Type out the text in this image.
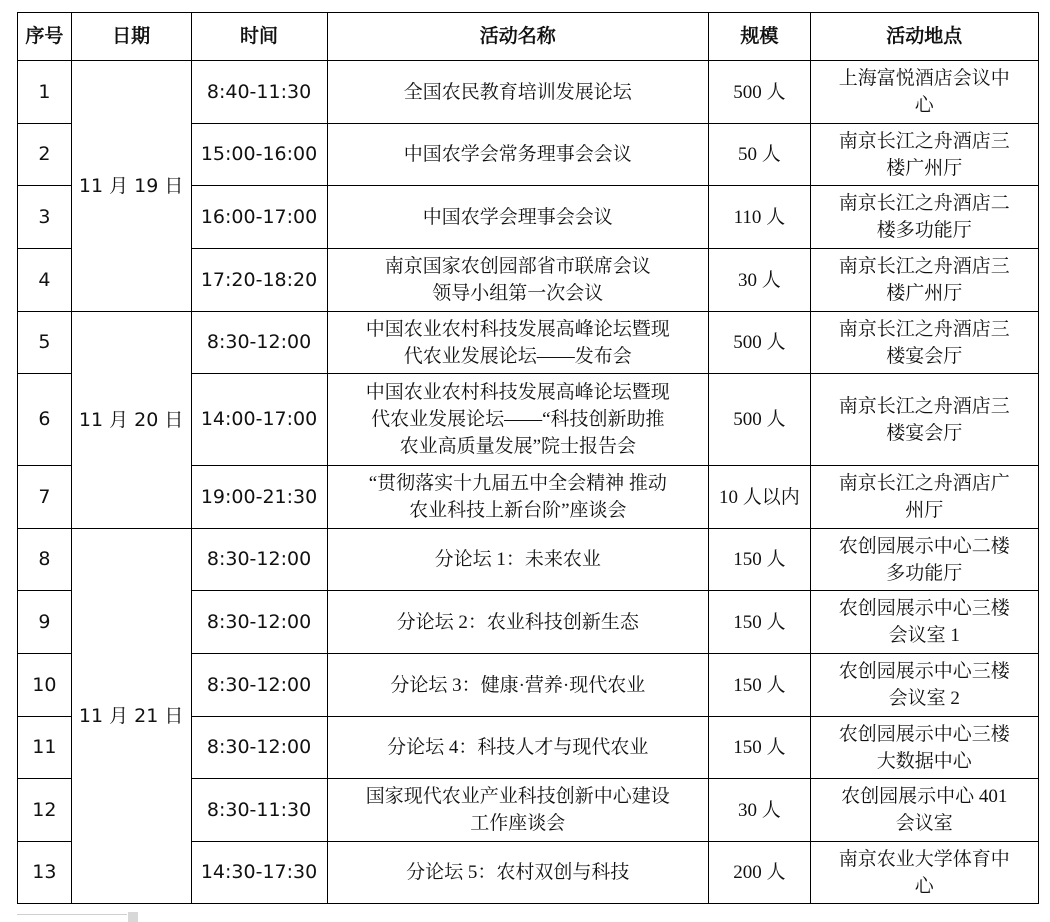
序号	日期	时间	活动名称	规模	活动地点
1	11 月 19 日	8:40-11:30	全国农民教育培训发展论坛	500 人	上海富悦酒店会议中
心

2		15:00-16:00	中国农学会常务理事会会议	50 人	南京长江之舟酒店三
楼广州厅

3		16:00-17:00	中国农学会理事会会议	110 人	南京长江之舟酒店二
楼多功能厅

4		17:20-18:20	南京国家农创园部省市联席会议
领导小组第一次会议	30 人	南京长江之舟酒店三
楼广州厅

5	11 月 20 日	8:30-12:00	中国农业农村科技发展高峰论坛暨现
代农业发展论坛——发布会	500 人	南京长江之舟酒店三
楼宴会厅

6		14:00-17:00	中国农业农村科技发展高峰论坛暨现
代农业发展论坛——“科技创新助推
农业高质量发展”院士报告会	500 人	南京长江之舟酒店三
楼宴会厅

7		19:00-21:30	“贯彻落实十九届五中全会精神 推动
农业科技上新台阶”座谈会	10 人以内	南京长江之舟酒店广
州厅

8	11 月 21 日	8:30-12:00	分论坛 1：未来农业	150 人	农创园展示中心二楼
多功能厅

9		8:30-12:00	分论坛 2：农业科技创新生态	150 人	农创园展示中心三楼
会议室 1

10		8:30-12:00	分论坛 3：健康·营养·现代农业	150 人	农创园展示中心三楼
会议室 2

11		8:30-12:00	分论坛 4：科技人才与现代农业	150 人	农创园展示中心三楼
大数据中心

12		8:30-11:30	国家现代农业产业科技创新中心建设
工作座谈会	30 人	农创园展示中心 401
会议室

13		14:30-17:30	分论坛 5：农村双创与科技	200 人	南京农业大学体育中
心
